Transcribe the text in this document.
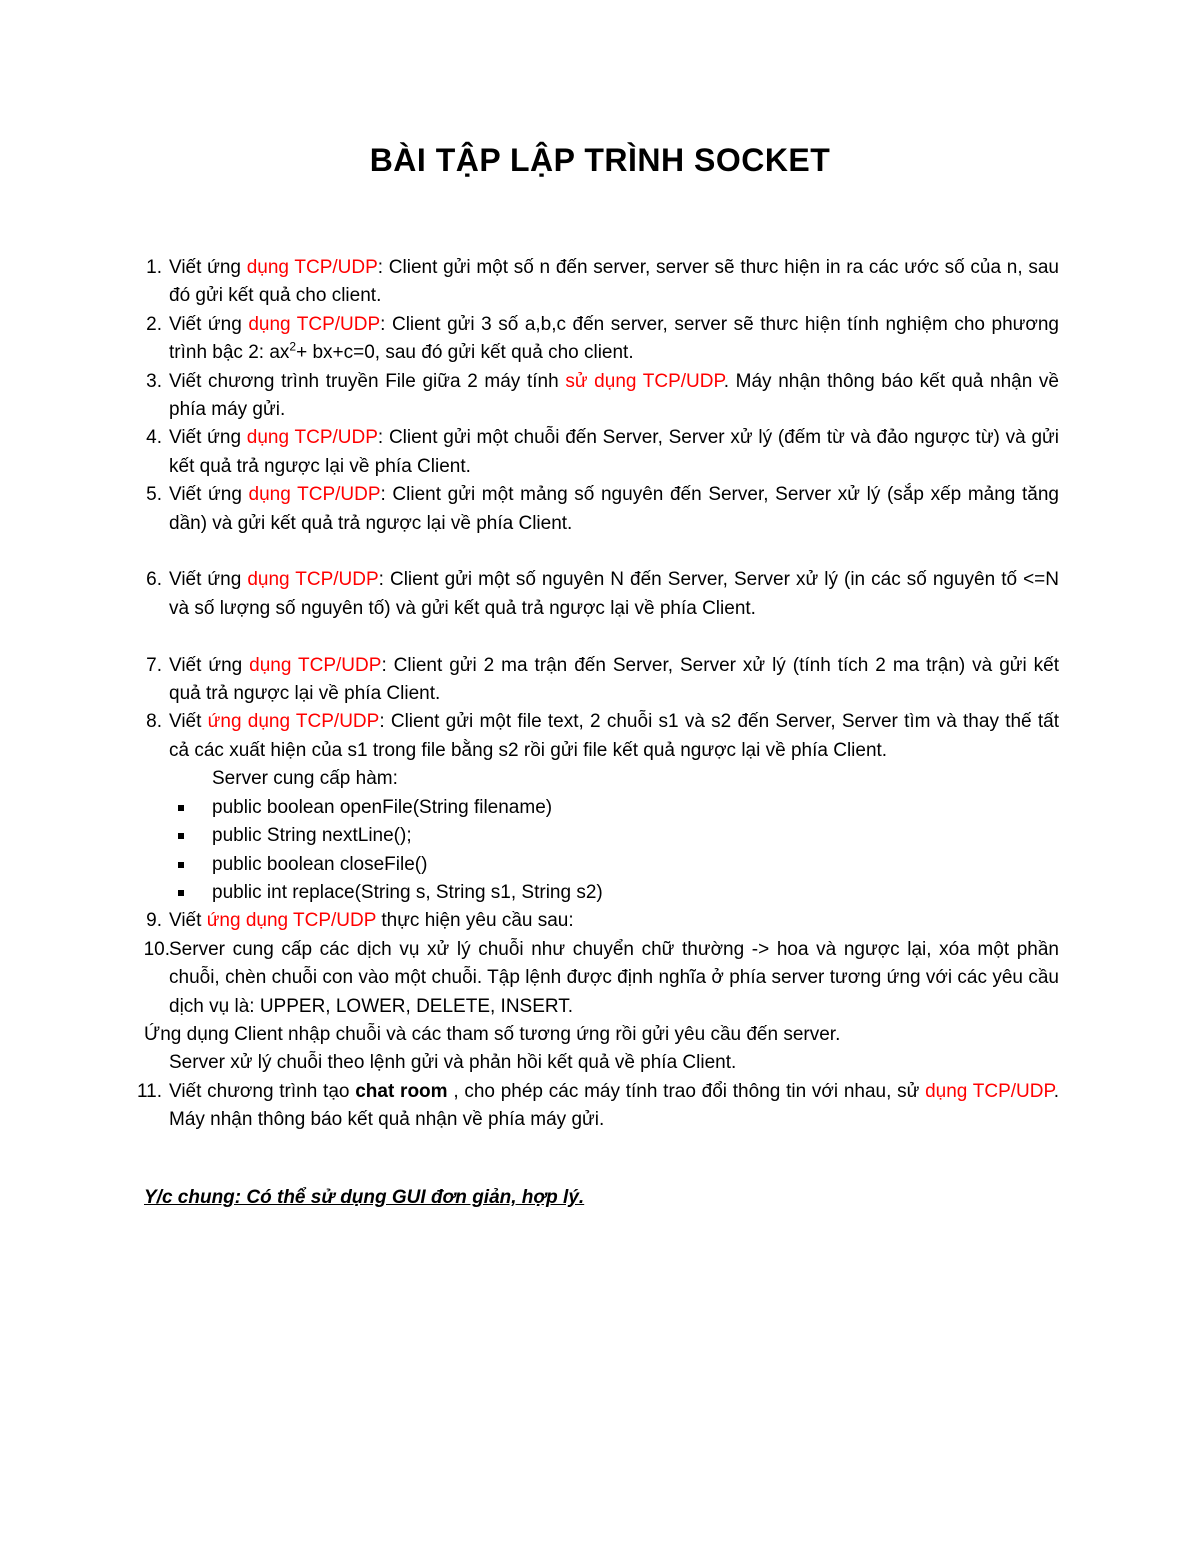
BÀI TẬP LẬP TRÌNH SOCKET
1. Viết ứng dụng TCP/UDP: Client gửi một số n đến server, server sẽ thưc hiện in ra các ước số của n, sau đó gửi kết quả cho client.
2. Viết ứng dụng TCP/UDP: Client gửi 3 số a,b,c đến server, server sẽ thưc hiện tính nghiệm cho phương trình bậc 2: $ax^2+ bx+c=0$, sau đó gửi kết quả cho client.
3. Viết chương trình truyền File giữa 2 máy tính sử dụng TCP/UDP. Máy nhận thông báo kết quả nhận về phía máy gửi.
4. Viết ứng dụng TCP/UDP: Client gửi một chuỗi đến Server, Server xử lý (đếm từ và đảo ngược từ) và gửi kết quả trả ngược lại về phía Client.
5. Viết ứng dụng TCP/UDP: Client gửi một mảng số nguyên đến Server, Server xử lý (sắp xếp mảng tăng dần) và gửi kết quả trả ngược lại về phía Client.
6. Viết ứng dụng TCP/UDP: Client gửi một số nguyên N đến Server, Server xử lý (in các số nguyên tố <=N và số lượng số nguyên tố) và gửi kết quả trả ngược lại về phía Client.
7. Viết ứng dụng TCP/UDP: Client gửi 2 ma trận đến Server, Server xử lý (tính tích 2 ma trận) và gửi kết quả trả ngược lại về phía Client.
8. Viết ứng dụng TCP/UDP: Client gửi một file text, 2 chuỗi s1 và s2 đến Server, Server tìm và thay thế tất cả các xuất hiện của s1 trong file bằng s2 rồi gửi file kết quả ngược lại về phía Client.
Server cung cấp hàm:
public boolean openFile(String filename)
public String nextLine();
public boolean closeFile()
public int replace(String s, String s1, String s2)
9. Viết ứng dụng TCP/UDP thực hiện yêu cầu sau:
10. Server cung cấp các dịch vụ xử lý chuỗi như chuyển chữ thường -> hoa và ngược lại, xóa một phần chuỗi, chèn chuỗi con vào một chuỗi. Tập lệnh được định nghĩa ở phía server tương ứng với các yêu cầu dịch vụ là: UPPER, LOWER, DELETE, INSERT.
Ứng dụng Client nhập chuỗi và các tham số tương ứng rồi gửi yêu cầu đến server.
Server xử lý chuỗi theo lệnh gửi và phản hồi kết quả về phía Client.
11. Viết chương trình tạo chat room , cho phép các máy tính trao đổi thông tin với nhau, sử dụng TCP/UDP. Máy nhận thông báo kết quả nhận về phía máy gửi.
Y/c chung: Có thể sử dụng GUI đơn giản, hợp lý.
